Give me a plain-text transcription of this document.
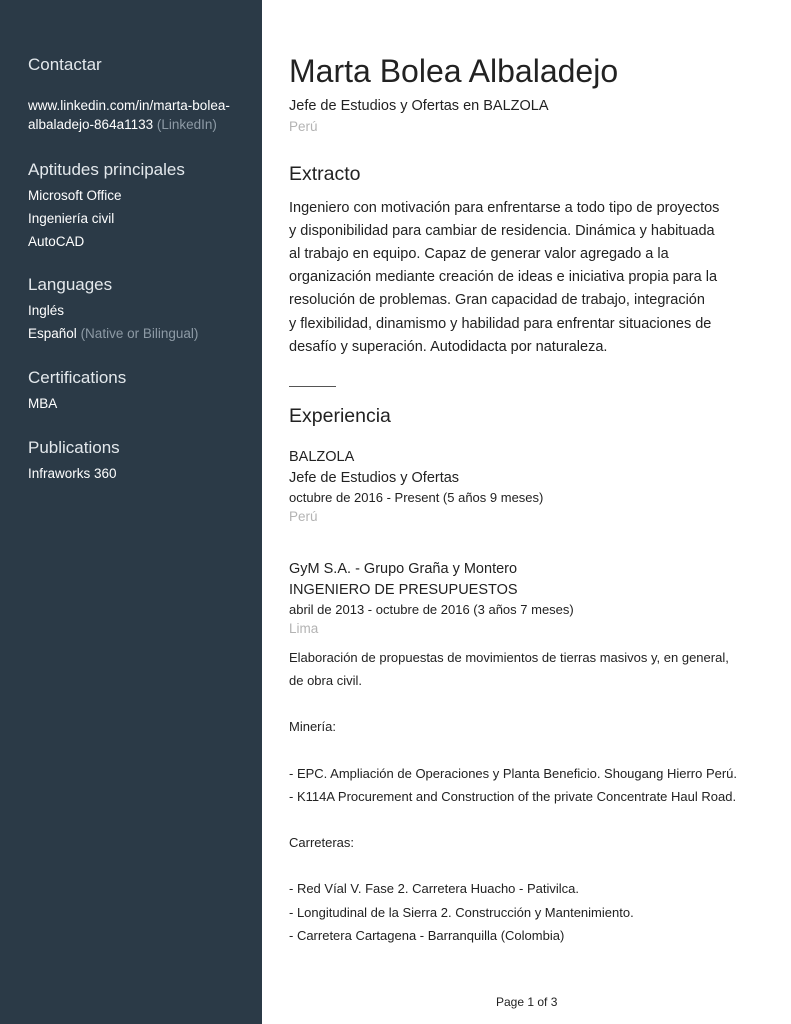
Contactar
www.linkedin.com/in/marta-bolea-
albaladejo-864a1133 (LinkedIn)
Aptitudes principales
Microsoft Office
Ingeniería civil
AutoCAD
Languages
Inglés
Español (Native or Bilingual)
Certifications
MBA
Publications
Infraworks 360
Marta Bolea Albaladejo
Jefe de Estudios y Ofertas en BALZOLA
Perú
Extracto
Ingeniero con motivación para enfrentarse a todo tipo de proyectos
y disponibilidad para cambiar de residencia. Dinámica y habituada
al trabajo en equipo. Capaz de generar valor agregado a la
organización mediante creación de ideas e iniciativa propia para la
resolución de problemas. Gran capacidad de trabajo, integración
y flexibilidad, dinamismo y habilidad para enfrentar situaciones de
desafío y superación. Autodidacta por naturaleza.
Experiencia
BALZOLA
Jefe de Estudios y Ofertas
octubre de 2016 - Present (5 años 9 meses)
Perú
GyM S.A. - Grupo Graña y Montero
INGENIERO DE PRESUPUESTOS
abril de 2013 - octubre de 2016 (3 años 7 meses)
Lima
Elaboración de propuestas de movimientos de tierras masivos y, en general,
de obra civil.
Minería:
- EPC. Ampliación de Operaciones y Planta Beneficio. Shougang Hierro Perú.
- K114A Procurement and Construction of the private Concentrate Haul Road.
Carreteras:
- Red Víal V. Fase 2. Carretera Huacho - Pativilca.
- Longitudinal de la Sierra 2. Construcción y Mantenimiento.
- Carretera Cartagena - Barranquilla (Colombia)
Page 1 of 3
